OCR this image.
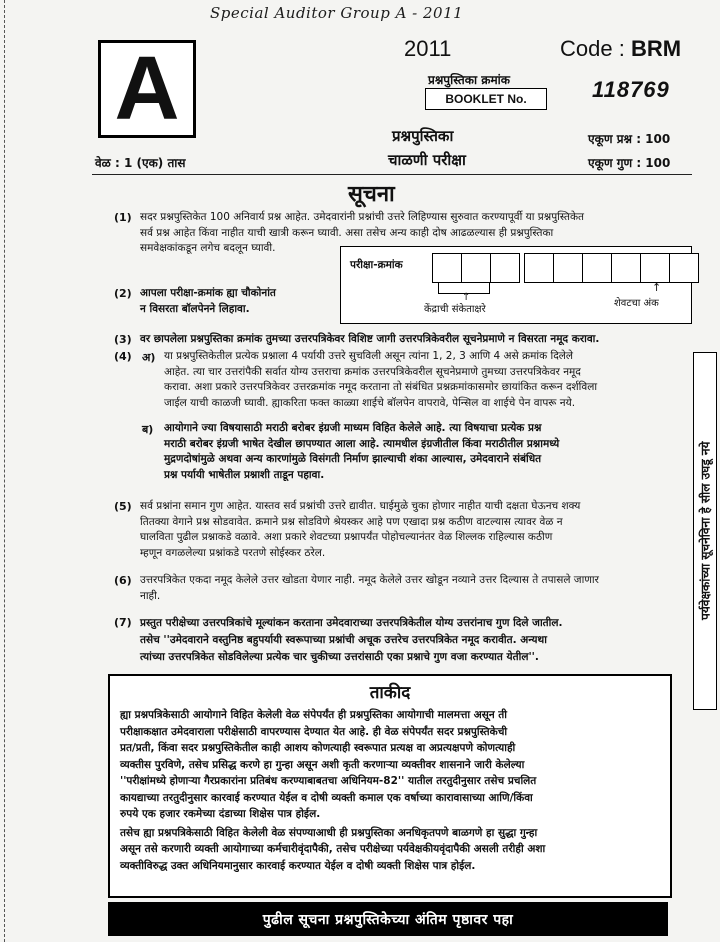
Special Auditor Group A - 2011
A	2011	Code : BRM
प्रश्नपुस्तिका क्रमांक
BOOKLET No.	118769
प्रश्नपुस्तिका
चाळणी परीक्षा
वेळ : 1 (एक) तास
एकूण प्रश्न : 100
एकूण गुण : 100
सूचना
(1) सदर प्रश्नपुस्तिकेत 100 अनिवार्य प्रश्न आहेत. उमेदवारांनी प्रश्नांची उत्तरे लिहिण्यास सुरुवात करण्यापूर्वी या प्रश्नपुस्तिकेत
सर्व प्रश्न आहेत किंवा नाहीत याची खात्री करून घ्यावी. असा तसेच अन्य काही दोष आढळल्यास ही प्रश्नपुस्तिका
समवेक्षकांकडून लगेच बदलून घ्यावी.
परीक्षा-क्रमांक
↑
↑
केंद्राची संकेताक्षरे
शेवटचा अंक
(2) आपला परीक्षा-क्रमांक ह्या चौकोनांत
न विसरता बॉलपेनने लिहावा.
(3) वर छापलेला प्रश्नपुस्तिका क्रमांक तुमच्या उत्तरपत्रिकेवर विशिष्ट जागी उत्तरपत्रिकेवरील सूचनेप्रमाणे न विसरता नमूद करावा.
(4) अ) या प्रश्नपुस्तिकेतील प्रत्येक प्रश्नाला 4 पर्यायी उत्तरे सुचविली असून त्यांना 1, 2, 3 आणि 4 असे क्रमांक दिलेले
आहेत. त्या चार उत्तरांपैकी सर्वात योग्य उत्तराचा क्रमांक उत्तरपत्रिकेवरील सूचनेप्रमाणे तुमच्या उत्तरपत्रिकेवर नमूद
करावा. अशा प्रकारे उत्तरपत्रिकेवर उत्तरक्रमांक नमूद करताना तो संबंधित प्रश्नक्रमांकासमोर छायांकित करून दर्शविला
जाईल याची काळजी घ्यावी. ह्याकरिता फक्त काळ्या शाईचे बॉलपेन वापरावे, पेन्सिल वा शाईचे पेन वापरू नये.
ब) आयोगाने ज्या विषयासाठी मराठी बरोबर इंग्रजी माध्यम विहित केलेले आहे. त्या विषयाचा प्रत्येक प्रश्न
मराठी बरोबर इंग्रजी भाषेत देखील छापण्यात आला आहे. त्यामधील इंग्रजीतील किंवा मराठीतील प्रश्नामध्ये
मुद्रणदोषांमुळे अथवा अन्य कारणांमुळे विसंगती निर्माण झाल्याची शंका आल्यास, उमेदवाराने संबंधित
प्रश्न पर्यायी भाषेतील प्रश्नाशी ताडून पहावा.
(5) सर्व प्रश्नांना समान गुण आहेत. यास्तव सर्व प्रश्नांची उत्तरे द्यावीत. घाईमुळे चुका होणार नाहीत याची दक्षता घेऊनच शक्य
तितक्या वेगाने प्रश्न सोडवावेत. क्रमाने प्रश्न सोडविणे श्रेयस्कर आहे पण एखादा प्रश्न कठीण वाटल्यास त्यावर वेळ न
घालविता पुढील प्रश्नाकडे वळावे. अशा प्रकारे शेवटच्या प्रश्नापर्यंत पोहोचल्यानंतर वेळ शिल्लक राहिल्यास कठीण
म्हणून वगळलेल्या प्रश्नांकडे परतणे सोईस्कर ठरेल.
(6) उत्तरपत्रिकेत एकदा नमूद केलेले उत्तर खोडता येणार नाही. नमूद केलेले उत्तर खोडून नव्याने उत्तर दिल्यास ते तपासले जाणार
नाही.
(7) प्रस्तुत परीक्षेच्या उत्तरपत्रिकांचे मूल्यांकन करताना उमेदवाराच्या उत्तरपत्रिकेतील योग्य उत्तरांनाच गुण दिले जातील.
तसेच ''उमेदवाराने वस्तुनिष्ठ बहुपर्यायी स्वरूपाच्या प्रश्नांची अचूक उत्तरेच उत्तरपत्रिकेत नमूद करावीत. अन्यथा
त्यांच्या उत्तरपत्रिकेत सोडविलेल्या प्रत्येक चार चुकीच्या उत्तरांसाठी एका प्रश्नाचे गुण वजा करण्यात येतील''.
पर्यवेक्षकांच्या सूचनेविना हे सील उघडू नये
ताकीद
ह्या प्रश्नपत्रिकेसाठी आयोगाने विहित केलेली वेळ संपेपर्यंत ही प्रश्नपुस्तिका आयोगाची मालमत्ता असून ती
परीक्षाकक्षात उमेदवाराला परीक्षेसाठी वापरण्यास देण्यात येत आहे. ही वेळ संपेपर्यंत सदर प्रश्नपुस्तिकेची
प्रत/प्रती, किंवा सदर प्रश्नपुस्तिकेतील काही आशय कोणत्याही स्वरूपात प्रत्यक्ष वा अप्रत्यक्षपणे कोणत्याही
व्यक्तीस पुरविणे, तसेच प्रसिद्ध करणे हा गुन्हा असून अशी कृती करणाऱ्या व्यक्तीवर शासनाने जारी केलेल्या
''परीक्षांमध्ये होणाऱ्या गैरप्रकारांना प्रतिबंध करण्याबाबतचा अधिनियम-82'' यातील तरतुदीनुसार तसेच प्रचलित
कायद्याच्या तरतुदीनुसार कारवाई करण्यात येईल व दोषी व्यक्ती कमाल एक वर्षाच्या कारावासाच्या आणि/किंवा
रुपये एक हजार रकमेच्या दंडाच्या शिक्षेस पात्र होईल.
तसेच ह्या प्रश्नपत्रिकेसाठी विहित केलेली वेळ संपण्याआधी ही प्रश्नपुस्तिका अनधिकृतपणे बाळगणे हा सुद्धा गुन्हा
असून तसे करणारी व्यक्ती आयोगाच्या कर्मचारीवृंदापैकी, तसेच परीक्षेच्या पर्यवेक्षकीयवृंदापैकी असली तरीही अशा
व्यक्तीविरुद्ध उक्त अधिनियमानुसार कारवाई करण्यात येईल व दोषी व्यक्ती शिक्षेस पात्र होईल.
पुढील सूचना प्रश्नपुस्तिकेच्या अंतिम पृष्ठावर पहा
